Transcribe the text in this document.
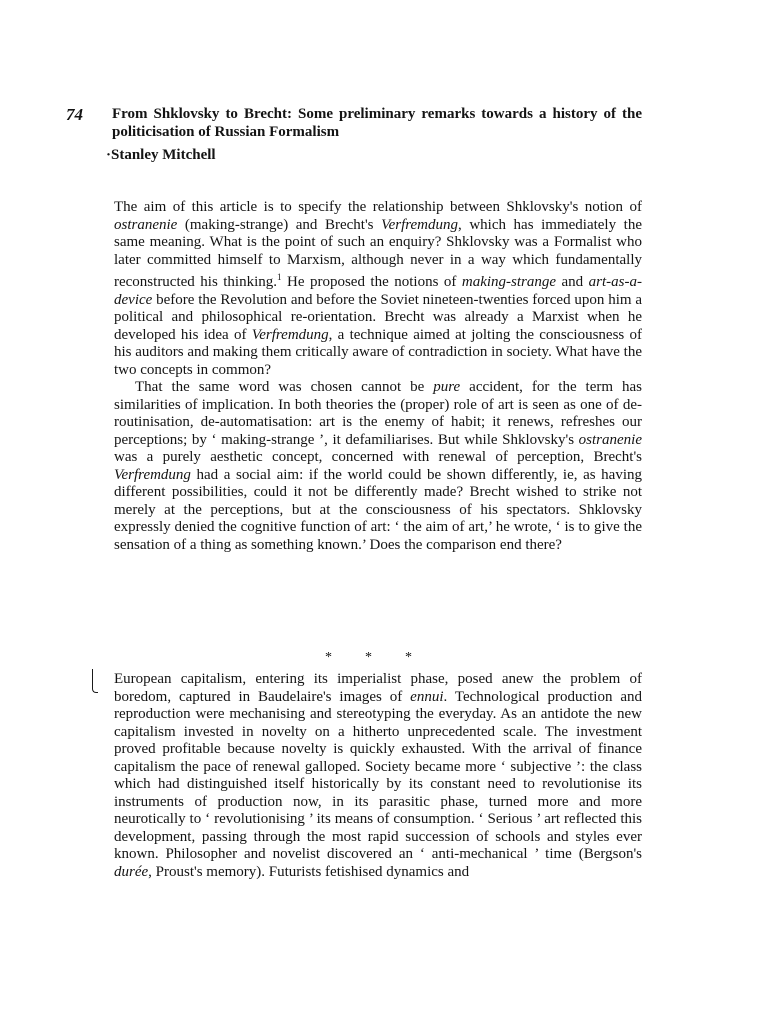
74 From Shklovsky to Brecht: Some preliminary remarks towards a history of the politicisation of Russian Formalism
·Stanley Mitchell

The aim of this article is to specify the relationship between Shklovsky's notion of ostranenie (making-strange) and Brecht's Verfremdung, which has immediately the same meaning. What is the point of such an enquiry? Shklovsky was a Formalist who later committed himself to Marxism, although never in a way which fundamentally reconstructed his thinking.$^1$ He proposed the notions of making-strange and art-as-a-device before the Revolution and before the Soviet nineteen-twenties forced upon him a political and philosophical re-orientation. Brecht was already a Marxist when he developed his idea of Verfremdung, a technique aimed at jolting the consciousness of his auditors and making them critically aware of contradiction in society. What have the two concepts in common?

That the same word was chosen cannot be pure accident, for the term has similarities of implication. In both theories the (proper) role of art is seen as one of de-routinisation, de-automatisation: art is the enemy of habit; it renews, refreshes our perceptions; by ‘ making-strange ’, it defamiliarises. But while Shklovsky's ostranenie was a purely aesthetic concept, concerned with renewal of perception, Brecht's Verfremdung had a social aim: if the world could be shown differently, ie, as having different possibilities, could it not be differently made? Brecht wished to strike not merely at the perceptions, but at the consciousness of his spectators. Shklovsky expressly denied the cognitive function of art: ‘ the aim of art,’ he wrote, ‘ is to give the sensation of a thing as something known.’ Does the comparison end there?

* * *

European capitalism, entering its imperialist phase, posed anew the problem of boredom, captured in Baudelaire's images of ennui. Technological production and reproduction were mechanising and stereotyping the everyday. As an antidote the new capitalism invested in novelty on a hitherto unprecedented scale. The investment proved profitable because novelty is quickly exhausted. With the arrival of finance capitalism the pace of renewal galloped. Society became more ‘ subjective ’: the class which had distinguished itself historically by its constant need to revolutionise its instruments of production now, in its parasitic phase, turned more and more neurotically to ‘ revolutionising ’ its means of consumption. ‘ Serious ’ art reflected this development, passing through the most rapid succession of schools and styles ever known. Philosopher and novelist discovered an ‘ anti-mechanical ’ time (Bergson's durée, Proust's memory). Futurists fetishised dynamics and
